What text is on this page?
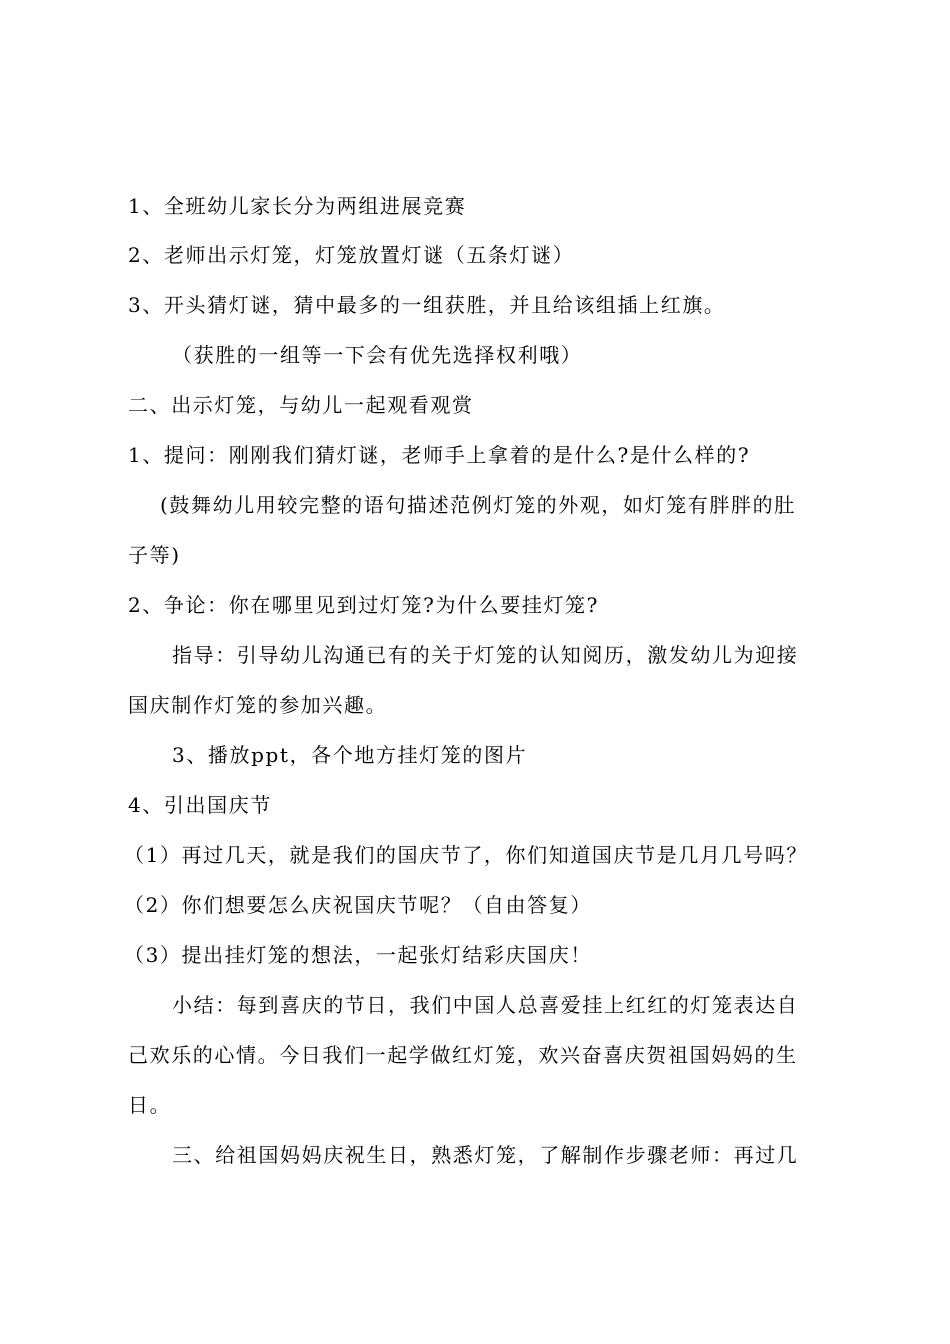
1、全班幼儿家长分为两组进展竞赛
2、老师出示灯笼，灯笼放置灯谜（五条灯谜）
3、开头猜灯谜，猜中最多的一组获胜，并且给该组插上红旗。
（获胜的一组等一下会有优先选择权利哦）
二、出示灯笼，与幼儿一起观看观赏
1、提问：刚刚我们猜灯谜，老师手上拿着的是什么?是什么样的?
(鼓舞幼儿用较完整的语句描述范例灯笼的外观，如灯笼有胖胖的肚
子等)
2、争论：你在哪里见到过灯笼?为什么要挂灯笼?
指导：引导幼儿沟通已有的关于灯笼的认知阅历，激发幼儿为迎接
国庆制作灯笼的参加兴趣。
3、播放ppt，各个地方挂灯笼的图片
4、引出国庆节
（1）再过几天，就是我们的国庆节了，你们知道国庆节是几月几号吗？
（2）你们想要怎么庆祝国庆节呢？（自由答复）
（3）提出挂灯笼的想法，一起张灯结彩庆国庆！
小结：每到喜庆的节日，我们中国人总喜爱挂上红红的灯笼表达自
己欢乐的心情。今日我们一起学做红灯笼，欢兴奋喜庆贺祖国妈妈的生
日。
三、给祖国妈妈庆祝生日，熟悉灯笼，了解制作步骤老师：再过几
